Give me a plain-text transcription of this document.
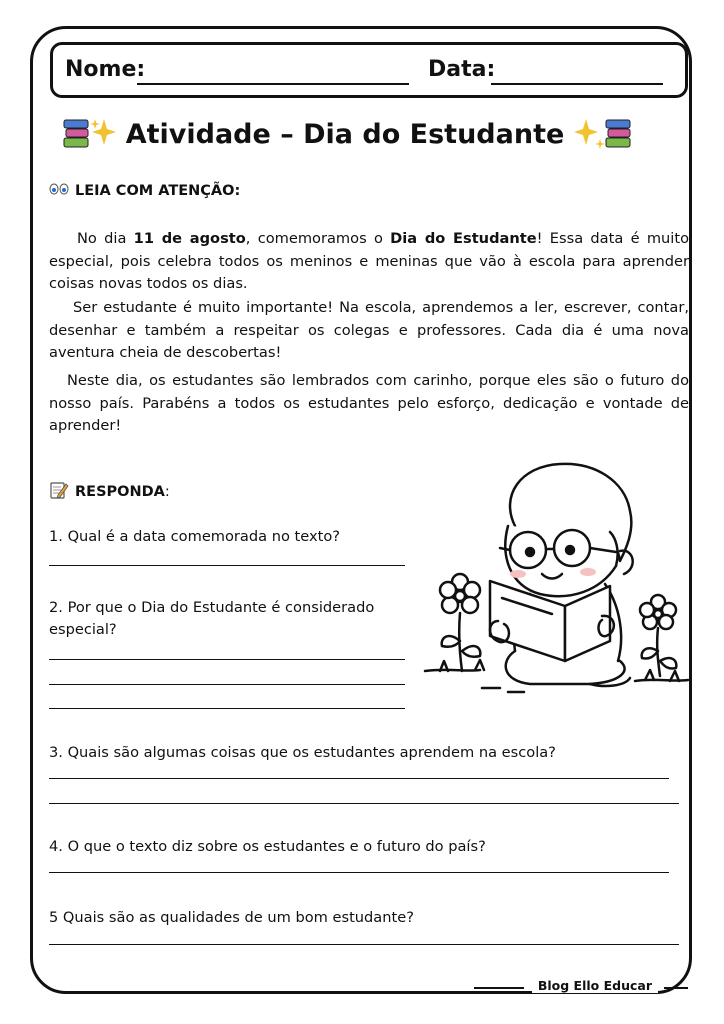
Nome:	Data:
Atividade – Dia do Estudante
LEIA COM ATENÇÃO:
No dia 11 de agosto, comemoramos o Dia do Estudante! Essa data é muito especial, pois celebra todos os meninos e meninas que vão à escola para aprender coisas novas todos os dias.
Ser estudante é muito importante! Na escola, aprendemos a ler, escrever, contar, desenhar e também a respeitar os colegas e professores. Cada dia é uma nova aventura cheia de descobertas!
Neste dia, os estudantes são lembrados com carinho, porque eles são o futuro do nosso país. Parabéns a todos os estudantes pelo esforço, dedicação e vontade de aprender!
RESPONDA:
1. Qual é a data comemorada no texto?
2. Por que o Dia do Estudante é considerado especial?
3. Quais são algumas coisas que os estudantes aprendem na escola?
4. O que o texto diz sobre os estudantes e o futuro do país?
5 Quais são as qualidades de um bom estudante?
Blog Ello Educar
